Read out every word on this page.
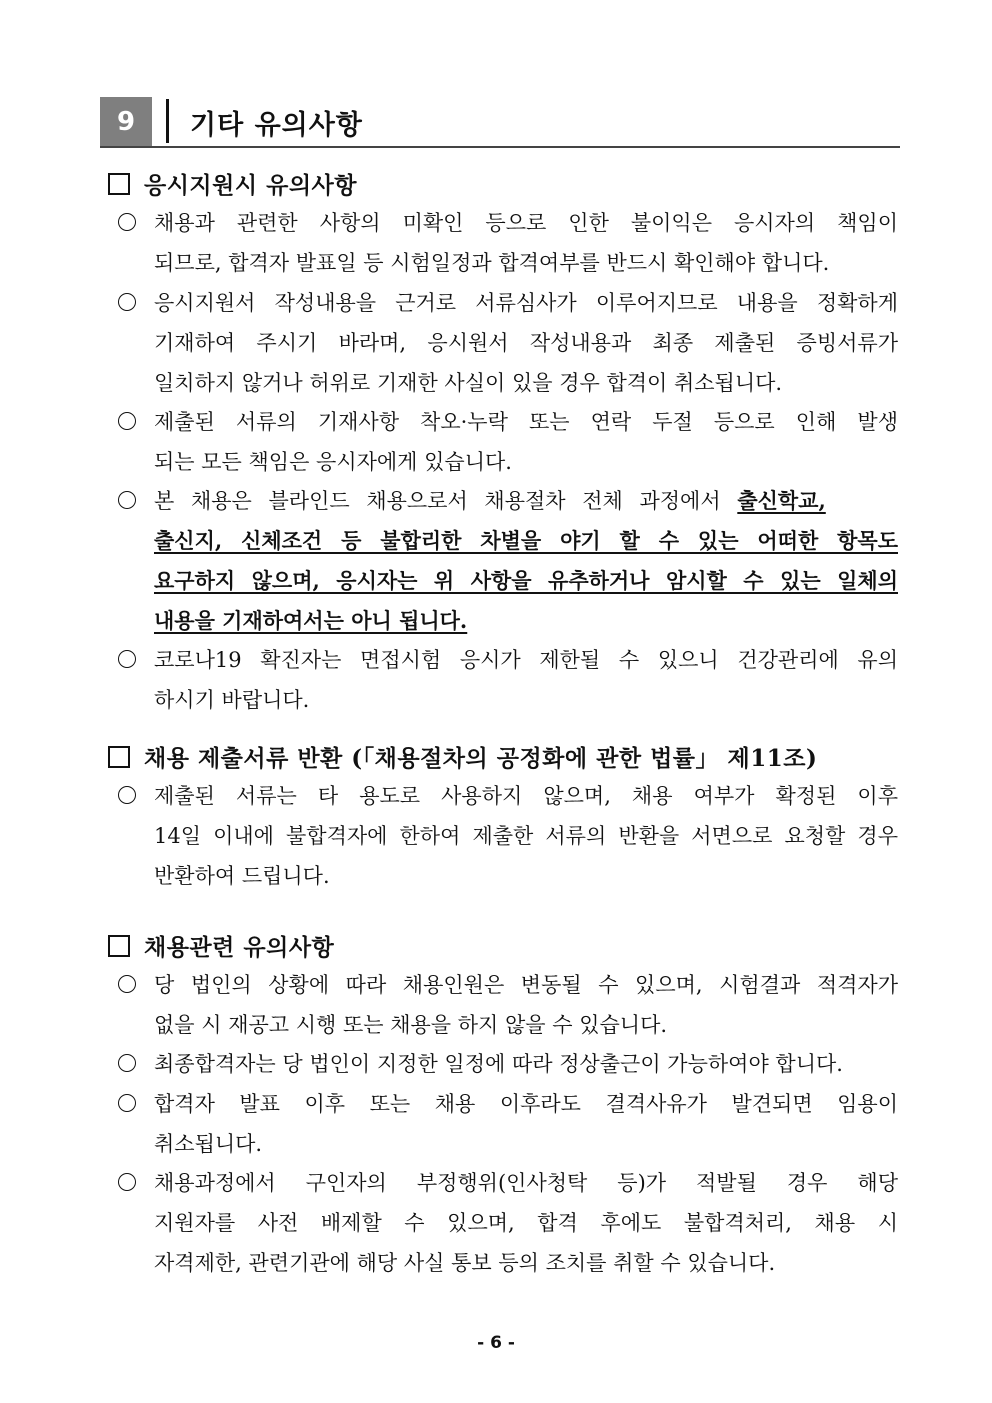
9	기타 유의사항
응시지원시 유의사항
채용과 관련한 사항의 미확인 등으로 인한 불이익은 응시자의 책임이
되므로, 합격자 발표일 등 시험일정과 합격여부를 반드시 확인해야 합니다.
응시지원서 작성내용을 근거로 서류심사가 이루어지므로 내용을 정확하게
기재하여 주시기 바라며, 응시원서 작성내용과 최종 제출된 증빙서류가
일치하지 않거나 허위로 기재한 사실이 있을 경우 합격이 취소됩니다.
제출된 서류의 기재사항 착오·누락 또는 연락 두절 등으로 인해 발생
되는 모든 책임은 응시자에게 있습니다.
본 채용은 블라인드 채용으로서 채용절차 전체 과정에서 출신학교,
출신지, 신체조건 등 불합리한 차별을 야기 할 수 있는 어떠한 항목도
요구하지 않으며, 응시자는 위 사항을 유추하거나 암시할 수 있는 일체의
내용을 기재하여서는 아니 됩니다.
코로나19 확진자는 면접시험 응시가 제한될 수 있으니 건강관리에 유의
하시기 바랍니다.
채용 제출서류 반환 (「채용절차의 공정화에 관한 법률」 제11조)
제출된 서류는 타 용도로 사용하지 않으며, 채용 여부가 확정된 이후
14일 이내에 불합격자에 한하여 제출한 서류의 반환을 서면으로 요청할 경우
반환하여 드립니다.
채용관련 유의사항
당 법인의 상황에 따라 채용인원은 변동될 수 있으며, 시험결과 적격자가
없을 시 재공고 시행 또는 채용을 하지 않을 수 있습니다.
최종합격자는 당 법인이 지정한 일정에 따라 정상출근이 가능하여야 합니다.
합격자 발표 이후 또는 채용 이후라도 결격사유가 발견되면 임용이
취소됩니다.
채용과정에서 구인자의 부정행위(인사청탁 등)가 적발될 경우 해당
지원자를 사전 배제할 수 있으며, 합격 후에도 불합격처리, 채용 시
자격제한, 관련기관에 해당 사실 통보 등의 조치를 취할 수 있습니다.
- 6 -
